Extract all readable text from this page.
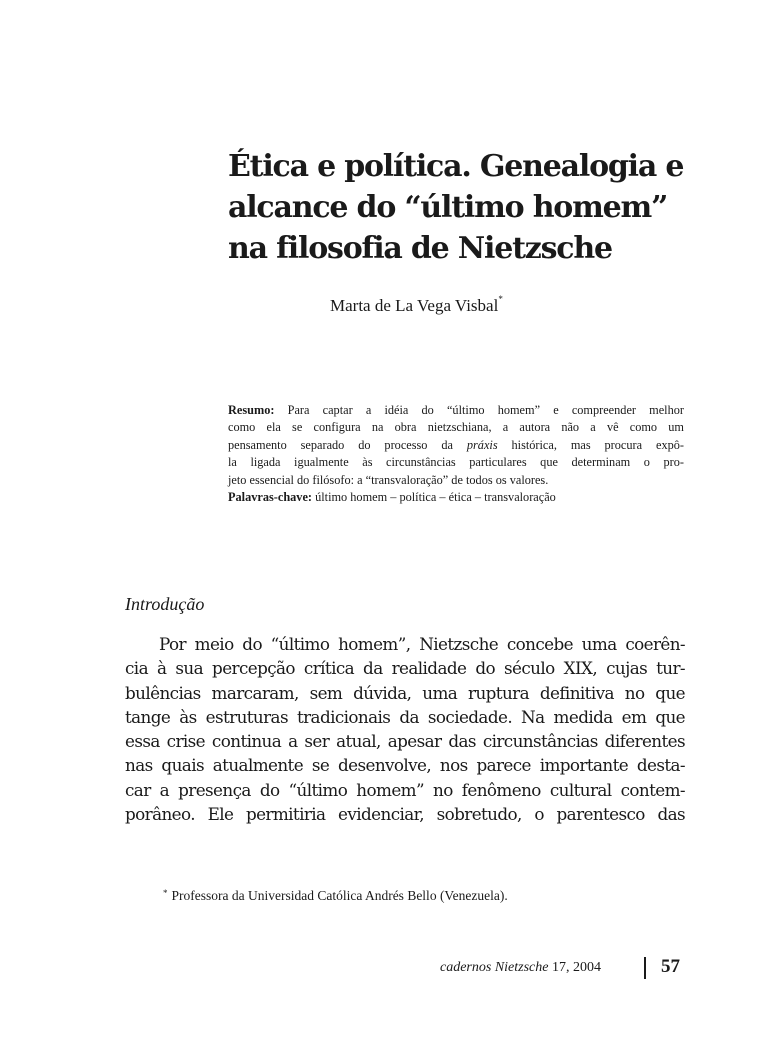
Ética e política. Genealogia e
alcance do “último homem”
na filosofia de Nietzsche
Marta de La Vega Visbal*
Resumo: Para captar a idéia do “último homem” e compreender melhor
como ela se configura na obra nietzschiana, a autora não a vê como um
pensamento separado do processo da práxis histórica, mas procura expô-
la ligada igualmente às circunstâncias particulares que determinam o pro-
jeto essencial do filósofo: a “transvaloração” de todos os valores.
Palavras-chave: último homem – política – ética – transvaloração
Introdução
Por meio do “último homem”, Nietzsche concebe uma coerên-
cia à sua percepção crítica da realidade do século XIX, cujas tur-
bulências marcaram, sem dúvida, uma ruptura definitiva no que
tange às estruturas tradicionais da sociedade. Na medida em que
essa crise continua a ser atual, apesar das circunstâncias diferentes
nas quais atualmente se desenvolve, nos parece importante desta-
car a presença do “último homem” no fenômeno cultural contem-
porâneo. Ele permitiria evidenciar, sobretudo, o parentesco das
* Professora da Universidad Católica Andrés Bello (Venezuela).
cadernos Nietzsche 17, 2004	57
